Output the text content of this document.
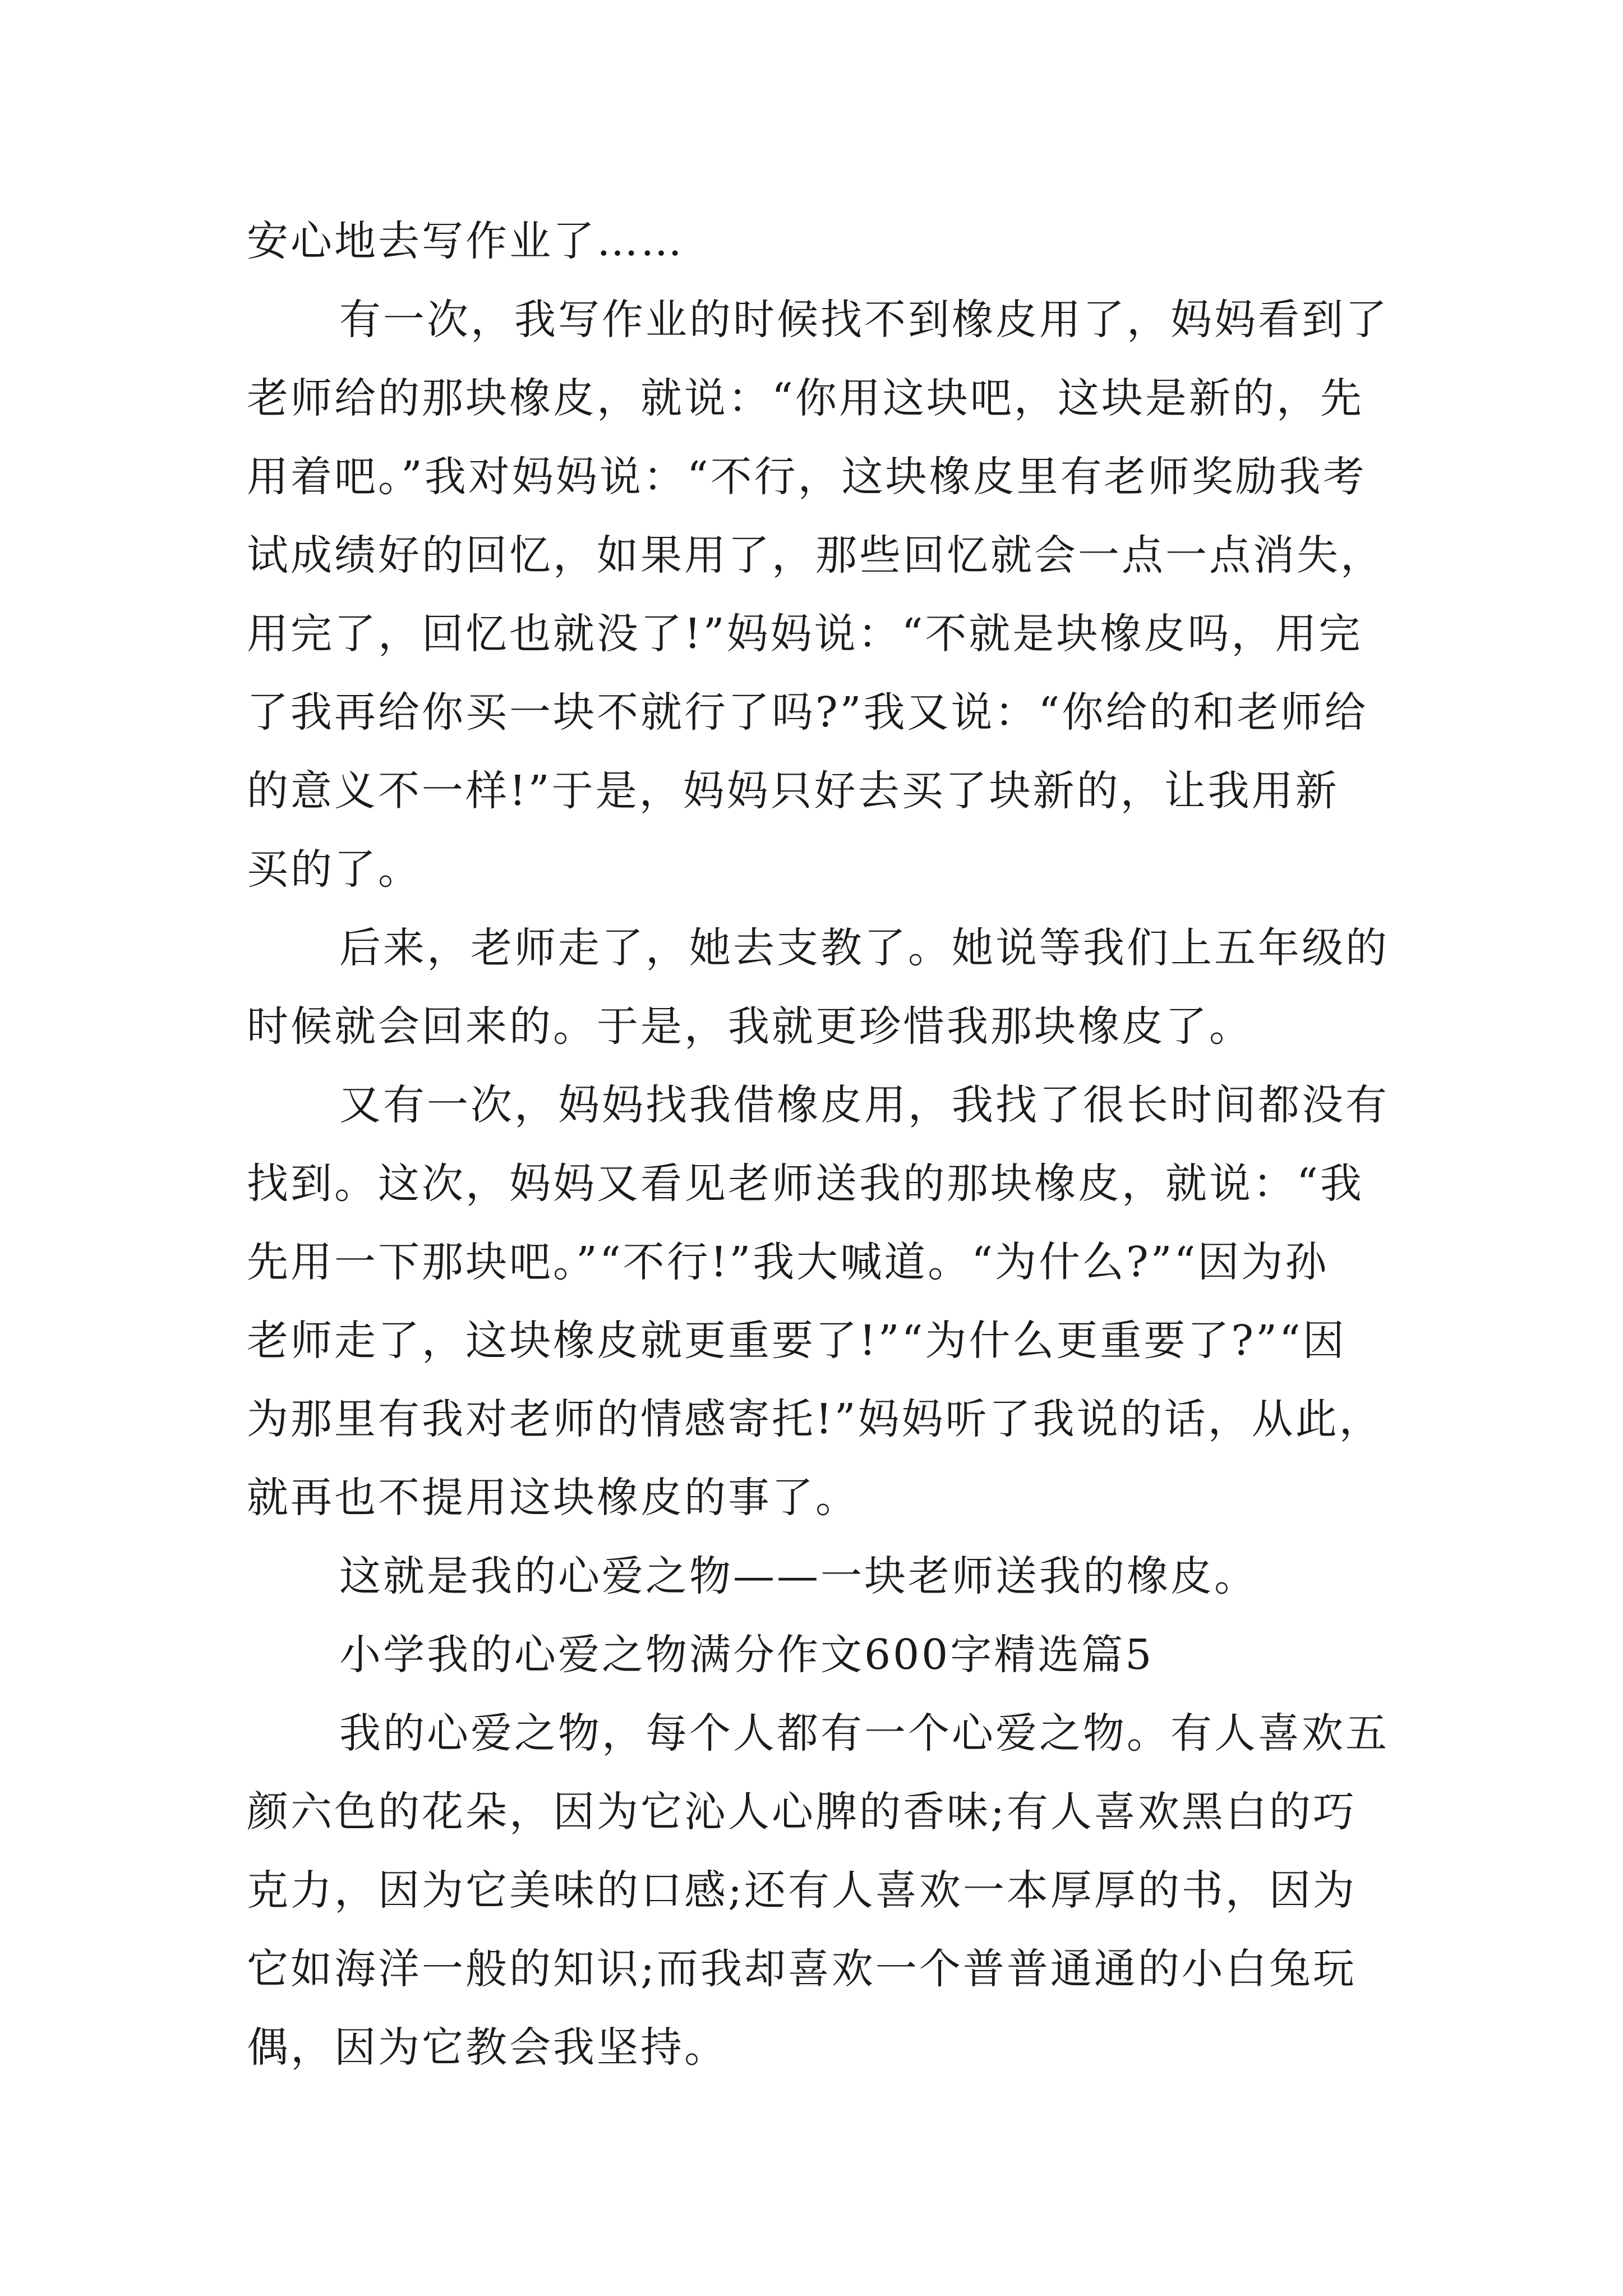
安心地去写作业了……
有一次，我写作业的时候找不到橡皮用了，妈妈看到了
老师给的那块橡皮，就说：“你用这块吧，这块是新的，先
用着吧。”我对妈妈说：“不行，这块橡皮里有老师奖励我考
试成绩好的回忆，如果用了，那些回忆就会一点一点消失，
用完了，回忆也就没了!”妈妈说：“不就是块橡皮吗，用完
了我再给你买一块不就行了吗?”我又说：“你给的和老师给
的意义不一样!”于是，妈妈只好去买了块新的，让我用新
买的了。
后来，老师走了，她去支教了。她说等我们上五年级的
时候就会回来的。于是，我就更珍惜我那块橡皮了。
又有一次，妈妈找我借橡皮用，我找了很长时间都没有
找到。这次，妈妈又看见老师送我的那块橡皮，就说：“我
先用一下那块吧。”“不行!”我大喊道。“为什么?”“因为孙
老师走了，这块橡皮就更重要了!”“为什么更重要了?”“因
为那里有我对老师的情感寄托!”妈妈听了我说的话，从此，
就再也不提用这块橡皮的事了。
这就是我的心爱之物——一块老师送我的橡皮。
小学我的心爱之物满分作文600字精选篇5
我的心爱之物，每个人都有一个心爱之物。有人喜欢五
颜六色的花朵，因为它沁人心脾的香味;有人喜欢黑白的巧
克力，因为它美味的口感;还有人喜欢一本厚厚的书，因为
它如海洋一般的知识;而我却喜欢一个普普通通的小白兔玩
偶，因为它教会我坚持。
